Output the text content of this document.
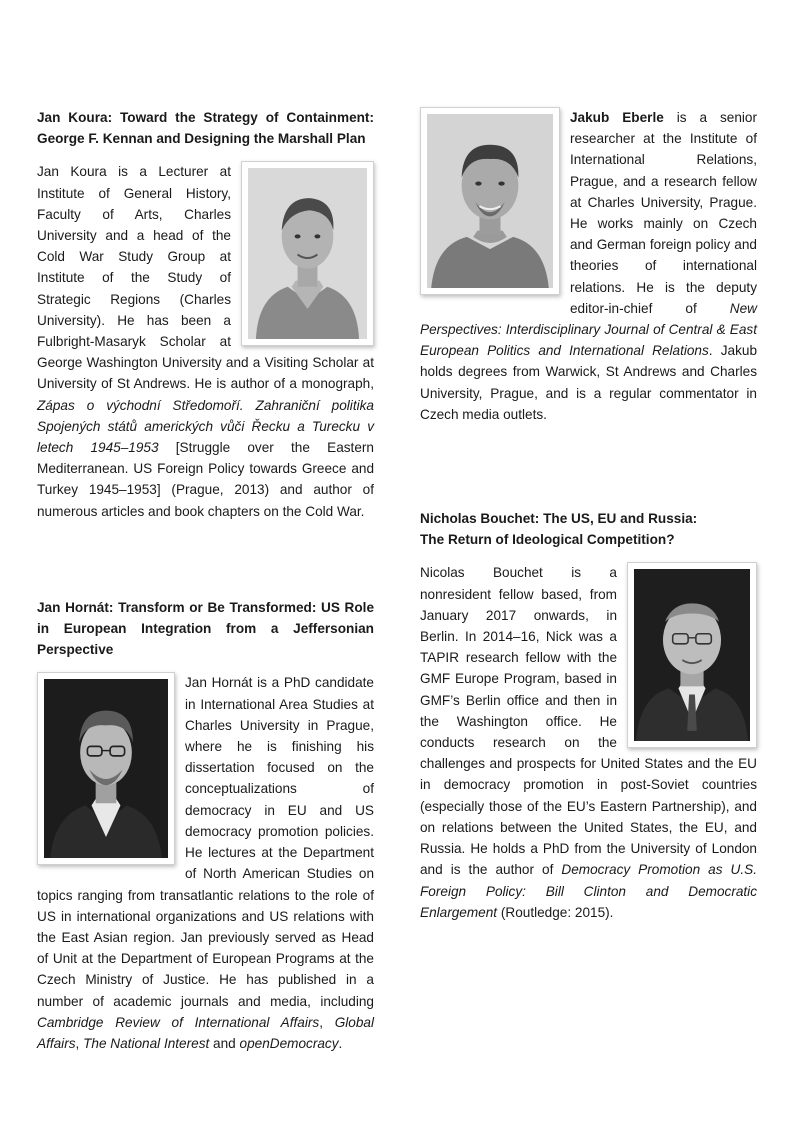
Jan Koura: Toward the Strategy of Containment: George F. Kennan and Designing the Marshall Plan

Jan Koura is a Lecturer at Institute of General History, Faculty of Arts, Charles University and a head of the Cold War Study Group at Institute of the Study of Strategic Regions (Charles University). He has been a Fulbright-Masaryk Scholar at George Washington University and a Visiting Scholar at University of St Andrews. He is author of a monograph, Zápas o východní Středomoří. Zahraniční politika Spojených států amerických vůči Řecku a Turecku v letech 1945–1953 [Struggle over the Eastern Mediterranean. US Foreign Policy towards Greece and Turkey 1945–1953] (Prague, 2013) and author of numerous articles and book chapters on the Cold War.

Jan Hornát: Transform or Be Transformed: US Role in European Integration from a Jeffersonian Perspective

Jan Hornát is a PhD candidate in International Area Studies at Charles University in Prague, where he is finishing his dissertation focused on the conceptualizations of democracy in EU and US democracy promotion policies. He lectures at the Department of North American Studies on topics ranging from transatlantic relations to the role of US in international organizations and US relations with the East Asian region. Jan previously served as Head of Unit at the Department of European Programs at the Czech Ministry of Justice. He has published in a number of academic journals and media, including Cambridge Review of International Affairs, Global Affairs, The National Interest and openDemocracy.

Jakub Eberle is a senior researcher at the Institute of International Relations, Prague, and a research fellow at Charles University, Prague. He works mainly on Czech and German foreign policy and theories of international relations. He is the deputy editor-in-chief of New Perspectives: Interdisciplinary Journal of Central & East European Politics and International Relations. Jakub holds degrees from Warwick, St Andrews and Charles University, Prague, and is a regular commentator in Czech media outlets.

Nicholas Bouchet: The US, EU and Russia:
The Return of Ideological Competition?

Nicolas Bouchet is a nonresident fellow based, from January 2017 onwards, in Berlin. In 2014–16, Nick was a TAPIR research fellow with the GMF Europe Program, based in GMF’s Berlin office and then in the Washington office. He conducts research on the challenges and prospects for United States and the EU in democracy promotion in post-Soviet countries (especially those of the EU’s Eastern Partnership), and on relations between the United States, the EU, and Russia. He holds a PhD from the University of London and is the author of Democracy Promotion as U.S. Foreign Policy: Bill Clinton and Democratic Enlargement (Routledge: 2015).
